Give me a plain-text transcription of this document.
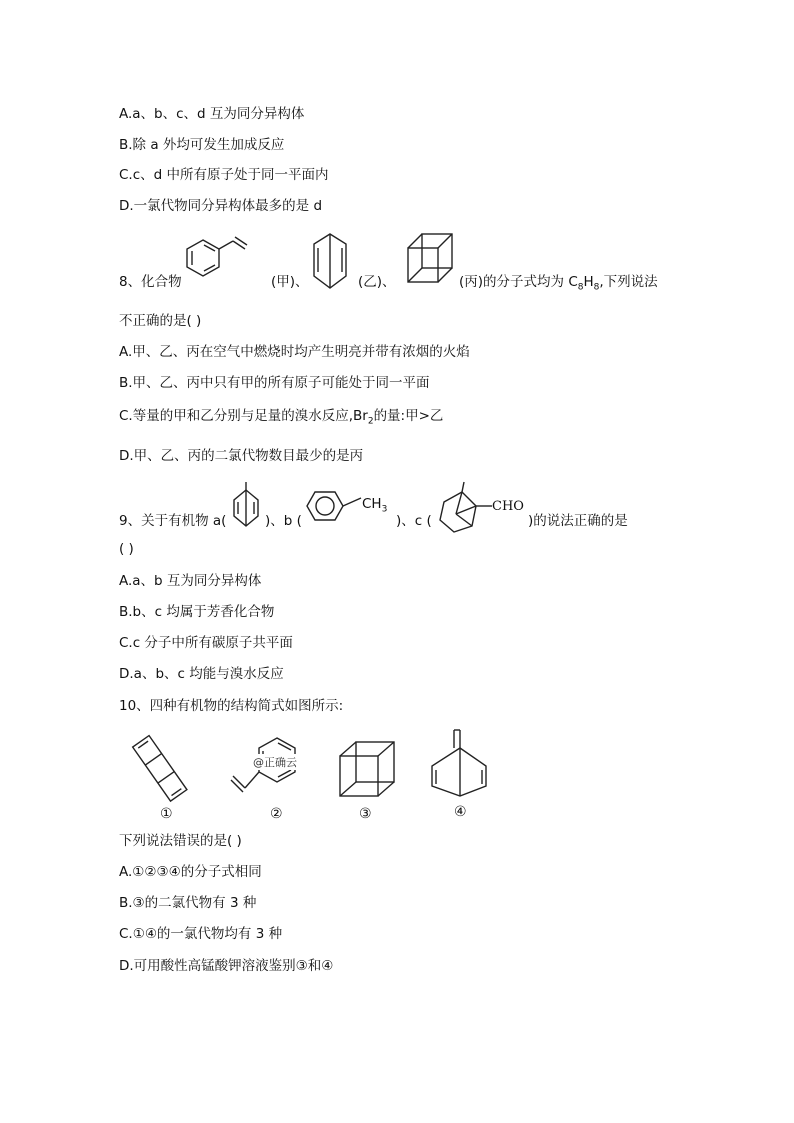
A.a、b、c、d 互为同分异构体
B.除 a 外均可发生加成反应
C.c、d 中所有原子处于同一平面内
D.一氯代物同分异构体最多的是 d
8、化合物	(甲)、	(乙)、	(丙)的分子式均为 $C_8H_8$,下列说法
不正确的是( )
A.甲、乙、丙在空气中燃烧时均产生明亮并带有浓烟的火焰
B.甲、乙、丙中只有甲的所有原子可能处于同一平面
C.等量的甲和乙分别与足量的溴水反应$,Br_2$的量:甲>乙
D.甲、乙、丙的二氯代物数目最少的是丙
9、关于有机物 a(	)、b (
$CH_3$
)、c (
CHO
)的说法正确的是
( )
A.a、b 互为同分异构体
B.b、c 均属于芳香化合物
C.c 分子中所有碳原子共平面
D.a、b、c 均能与溴水反应
10、四种有机物的结构简式如图所示:
①
@正确云
②	③	④
下列说法错误的是( )
A.①②③④的分子式相同
B.③的二氯代物有 3 种
C.①④的一氯代物均有 3 种
D.可用酸性高锰酸钾溶液鉴别③和④
